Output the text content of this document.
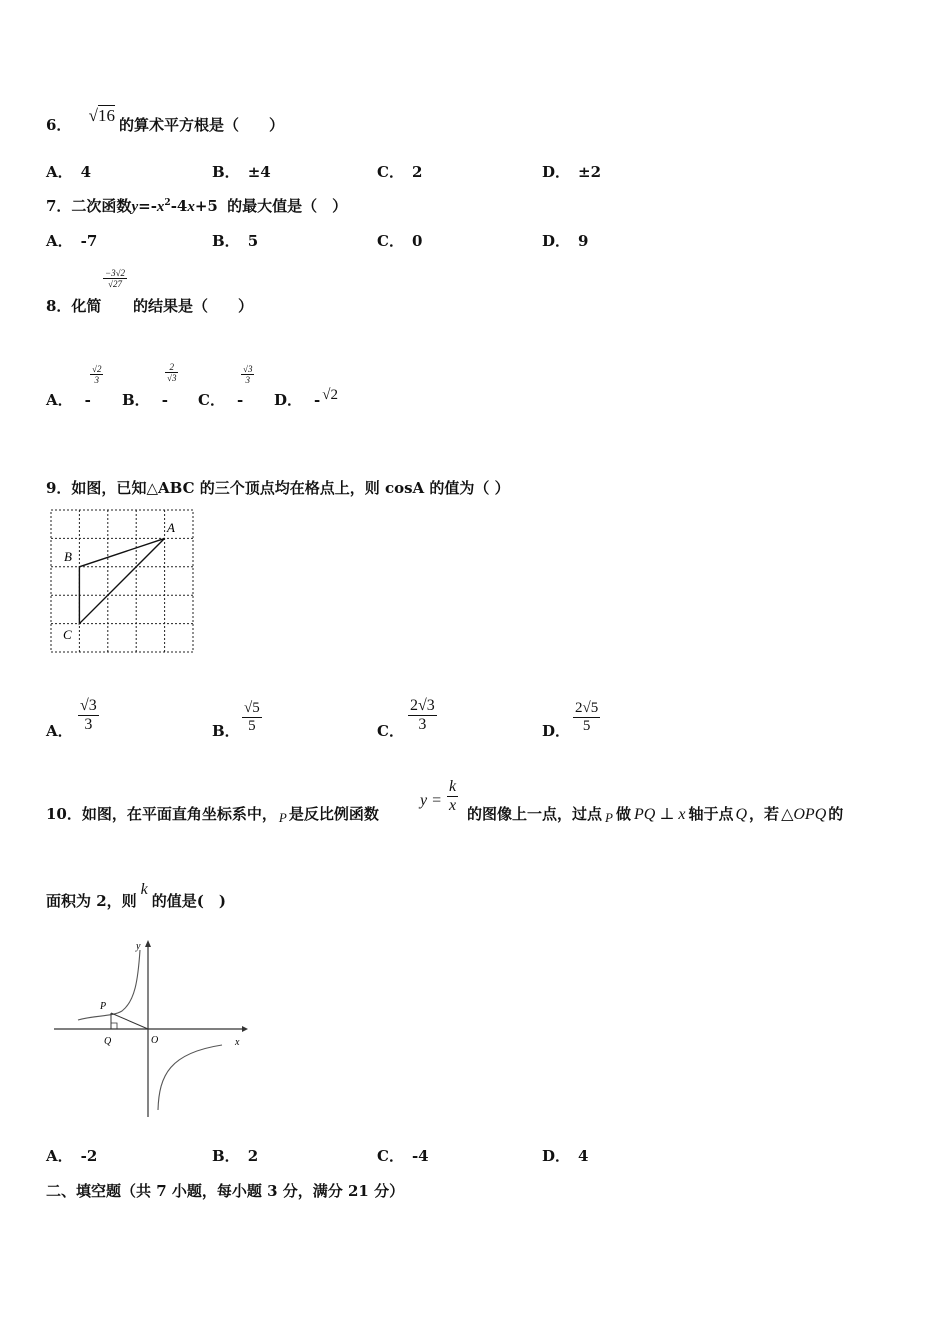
6． √16 的算术平方根是（　　）
A． 4	B． ±4	C． 2	D． ±2
7．二次函数$y=-x^2-4x+5$ 的最大值是（　）
A． -7	B． 5	C． 0	D． 9
8．化简
$\frac{-3√2}{√27}$
的结果是（　　）
A． -
$\frac{√2}{3}$
B． -
$\frac{2}{√3}$
C． -
$\frac{√3}{3}$
D． - √2
9．如图，已知△ABC 的三个顶点均在格点上，则 cosA 的值为（ ）
A
B
C
A． $\frac{√3}{3}$	B． $\frac{√5}{5}$	C． $\frac{2√3}{3}$	D． $\frac{2√5}{5}$
10．如图，在平面直角坐标系中， P 是反比例函数
$y = \frac{k}{x}$ 的图像上一点，过点 P 做 PQ ⊥ x 轴于点 Q ，若 △OPQ 的
面积为 2，则k的值是(　)
x
y
O
P
Q
A． -2	B． 2	C． -4	D． 4
二、填空题（共 7 小题，每小题 3 分，满分 21 分）
